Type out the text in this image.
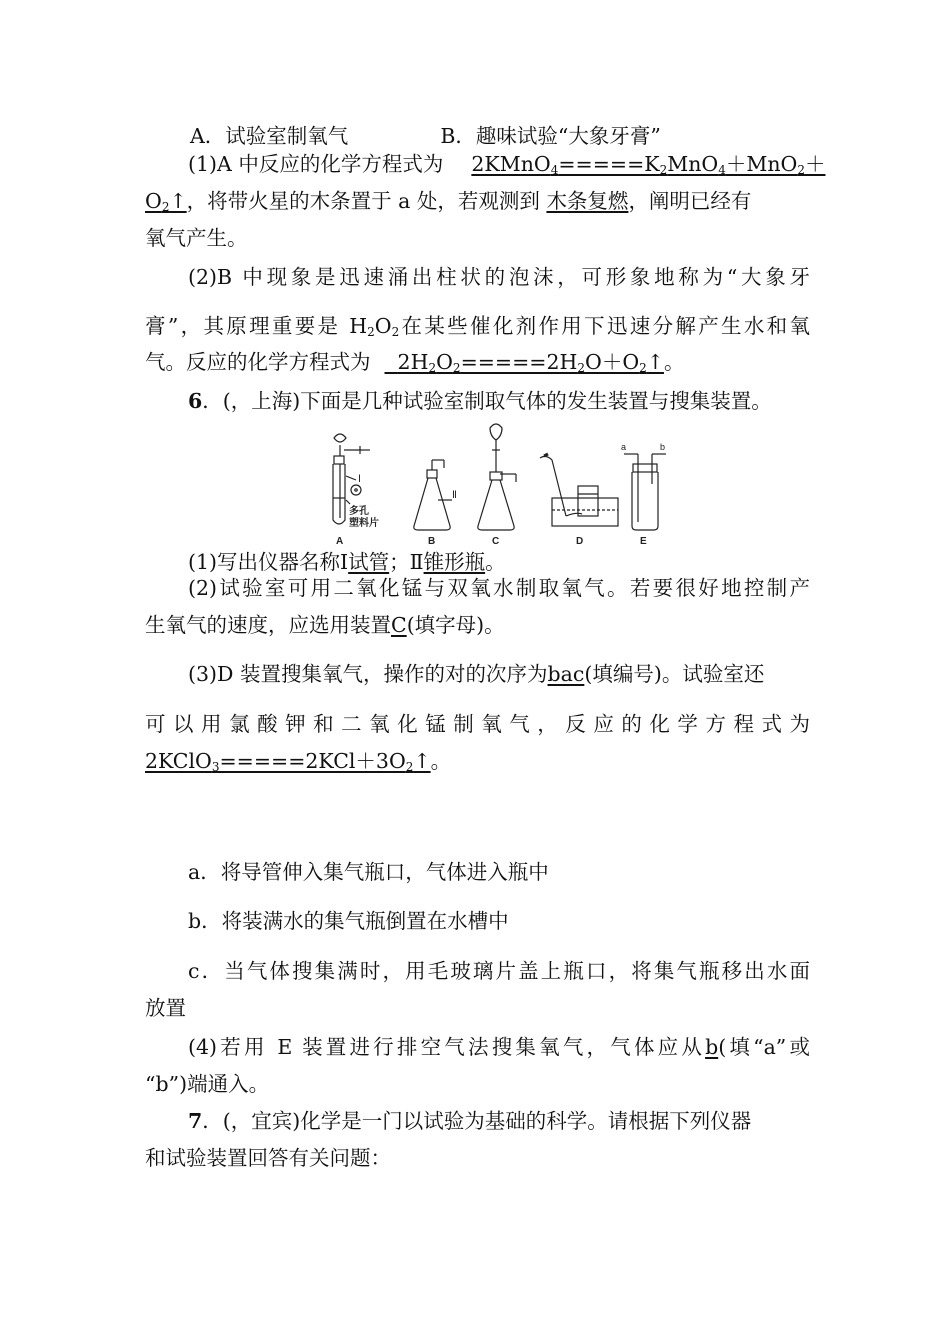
A．试验室制氧气	B．趣味试验“大象牙膏”
(1)A 中反应的化学方程式为 $2KMnO_4=====K_2MnO_4+MnO_2+$
$O_2↑$，将带火星的木条置于 a 处，若观测到 木条复燃，阐明已经有
氧气产生。
(2)B 中现象是迅速涌出柱状的泡沫，可形象地称为“大象牙
膏”，其原理重要是 $H_2O_2$在某些催化剂作用下迅速分解产生水和氧
气。反应的化学方程式为 $2H_2O_2=====2H_2O+O_2↑$。
6．(，上海)下面是几种试验室制取气体的发生装置与搜集装置。
A	B	C	D	E
Ⅰ
Ⅱ
多孔
塑料片
a	b
(1)写出仪器名称Ⅰ试管；Ⅱ锥形瓶。
(2)试验室可用二氧化锰与双氧水制取氧气。若要很好地控制产
生氧气的速度，应选用装置C(填字母)。
(3)D 装置搜集氧气，操作的对的次序为bac(填编号)。试验室还
可以用氯酸钾和二氧化锰制氧气，反应的化学方程式为
$2KClO_3=====2KCl+3O_2↑$。
a．将导管伸入集气瓶口，气体进入瓶中
b．将装满水的集气瓶倒置在水槽中
c．当气体搜集满时，用毛玻璃片盖上瓶口，将集气瓶移出水面
放置
(4)若用 E 装置进行排空气法搜集氧气，气体应从b(填“a”或
“b”)端通入。
7．(，宜宾)化学是一门以试验为基础的科学。请根据下列仪器
和试验装置回答有关问题：
